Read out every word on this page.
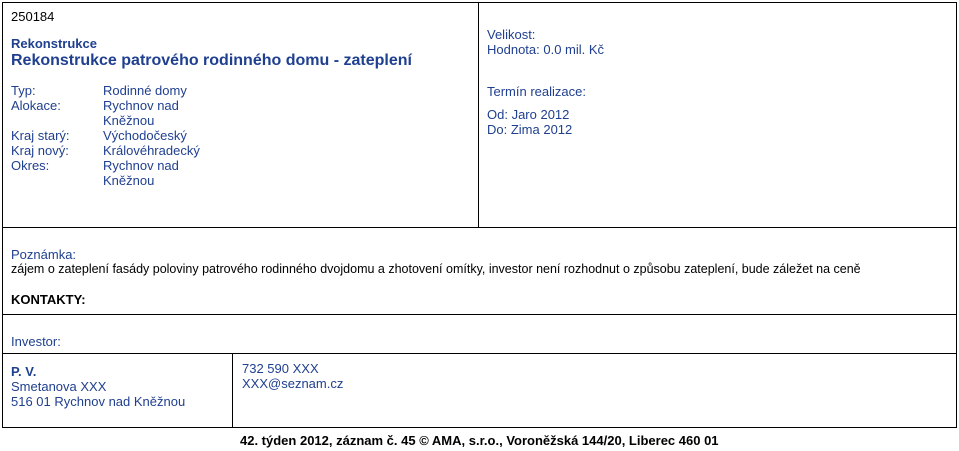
250184
Rekonstrukce
Rekonstrukce patrového rodinného domu - zateplení
Typ:	Rodinné domy
Alokace:	Rychnov nad
Kněžnou
Kraj starý:	Východočeský
Kraj nový:	Královéhradecký
Okres:	Rychnov nad
Kněžnou
Velikost:
Hodnota: 0.0 mil. Kč
Termín realizace:
Od: Jaro 2012
Do: Zima 2012
Poznámka:
zájem o zateplení fasády poloviny patrového rodinného dvojdomu a zhotovení omítky, investor není rozhodnut o způsobu zateplení, bude záležet na ceně
KONTAKTY:
Investor:
P. V.
Smetanova XXX
516 01 Rychnov nad Kněžnou
732 590 XXX
XXX@seznam.cz
42. týden 2012, záznam č. 45 © AMA, s.r.o., Voroněžská 144/20, Liberec 460 01
